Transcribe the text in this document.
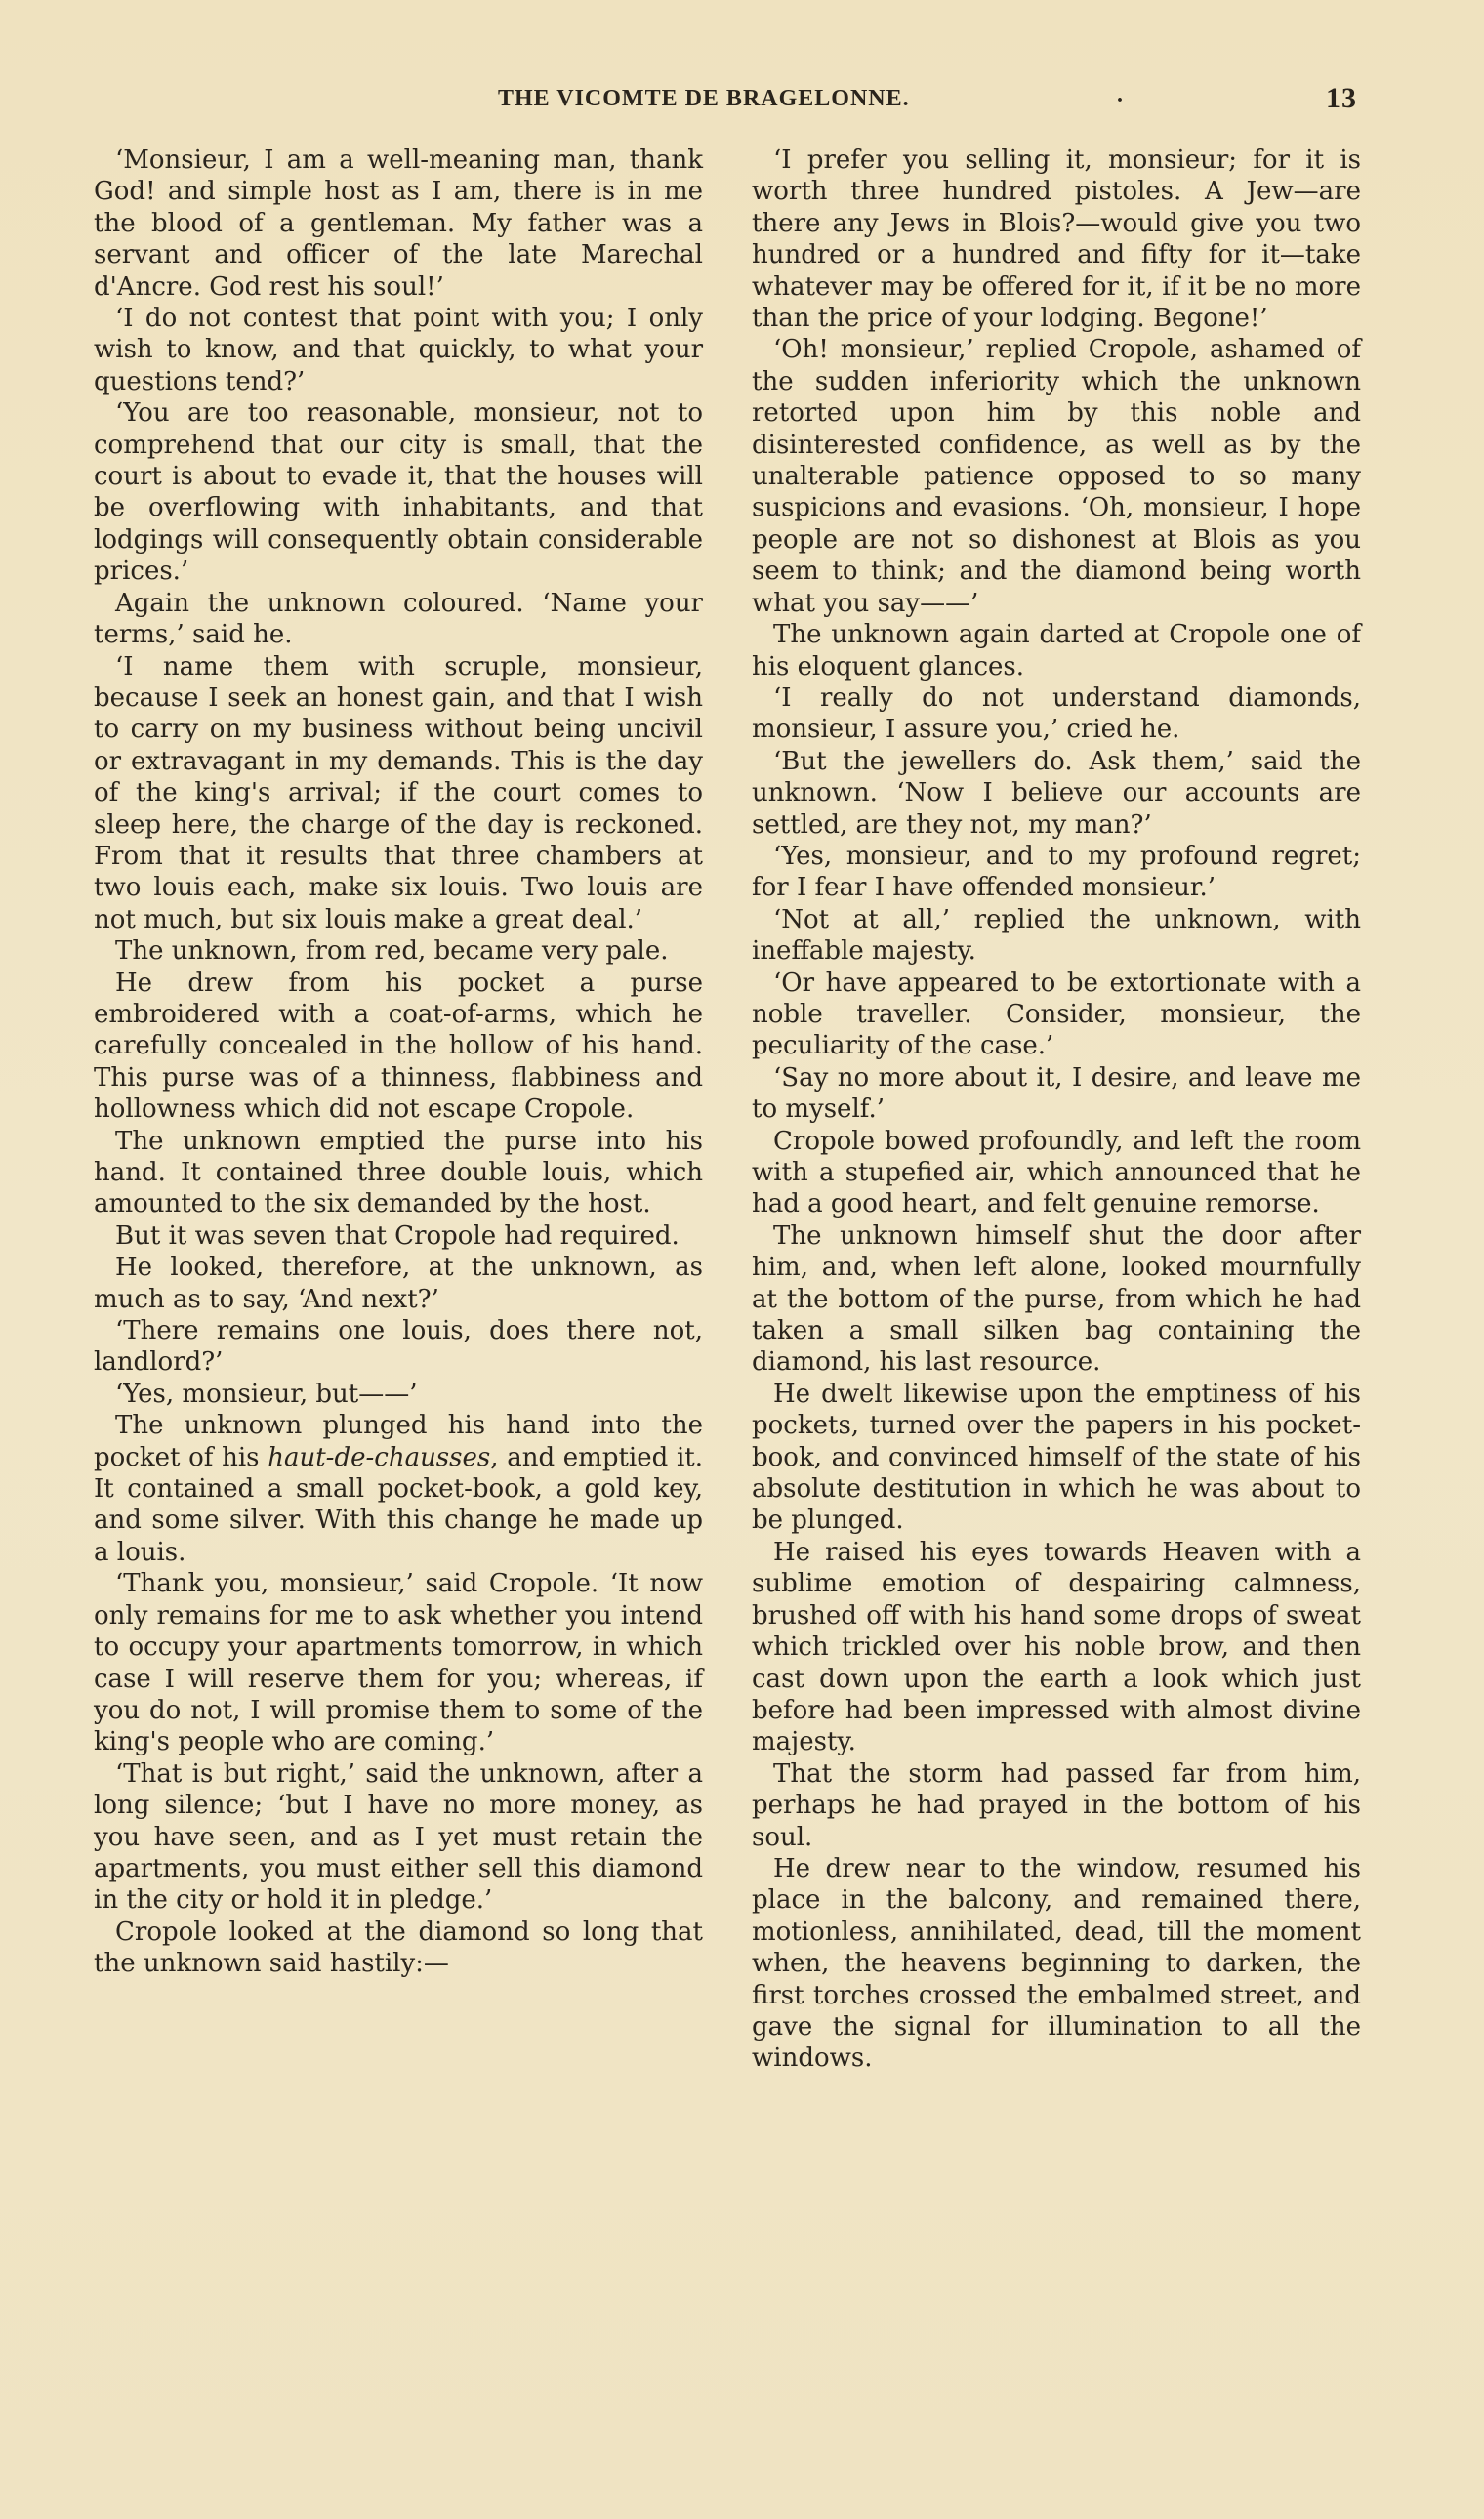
THE VICOMTE DE BRAGELONNE.	.	13

‘Monsieur, I am a well-meaning man, thank God! and simple host as I am, there is in me the blood of a gentleman. My father was a servant and officer of the late Marechal d'Ancre. God rest his soul!’

‘I do not contest that point with you; I only wish to know, and that quickly, to what your questions tend?’

‘You are too reasonable, monsieur, not to comprehend that our city is small, that the court is about to evade it, that the houses will be overflowing with inhabitants, and that lodgings will consequently obtain considerable prices.’

Again the unknown coloured. ‘Name your terms,’ said he.

‘I name them with scruple, monsieur, because I seek an honest gain, and that I wish to carry on my business without being uncivil or extravagant in my demands. This is the day of the king's arrival; if the court comes to sleep here, the charge of the day is reckoned. From that it results that three chambers at two louis each, make six louis. Two louis are not much, but six louis make a great deal.’

The unknown, from red, became very pale.

He drew from his pocket a purse embroidered with a coat-of-arms, which he carefully concealed in the hollow of his hand. This purse was of a thinness, flabbiness and hollowness which did not escape Cropole.

The unknown emptied the purse into his hand. It contained three double louis, which amounted to the six demanded by the host.

But it was seven that Cropole had required.

He looked, therefore, at the unknown, as much as to say, ‘And next?’

‘There remains one louis, does there not, landlord?’

‘Yes, monsieur, but——’

The unknown plunged his hand into the pocket of his haut-de-chausses, and emptied it. It contained a small pocket-book, a gold key, and some silver. With this change he made up a louis.

‘Thank you, monsieur,’ said Cropole. ‘It now only remains for me to ask whether you intend to occupy your apartments tomorrow, in which case I will reserve them for you; whereas, if you do not, I will promise them to some of the king's people who are coming.’

‘That is but right,’ said the unknown, after a long silence; ‘but I have no more money, as you have seen, and as I yet must retain the apartments, you must either sell this diamond in the city or hold it in pledge.’

Cropole looked at the diamond so long that the unknown said hastily:—

‘I prefer you selling it, monsieur; for it is worth three hundred pistoles. A Jew—are there any Jews in Blois?—would give you two hundred or a hundred and fifty for it—take whatever may be offered for it, if it be no more than the price of your lodging. Begone!’

‘Oh! monsieur,’ replied Cropole, ashamed of the sudden inferiority which the unknown retorted upon him by this noble and disinterested confidence, as well as by the unalterable patience opposed to so many suspicions and evasions. ‘Oh, monsieur, I hope people are not so dishonest at Blois as you seem to think; and the diamond being worth what you say——’

The unknown again darted at Cropole one of his eloquent glances.

‘I really do not understand diamonds, monsieur, I assure you,’ cried he.

‘But the jewellers do. Ask them,’ said the unknown. ‘Now I believe our accounts are settled, are they not, my man?’

‘Yes, monsieur, and to my profound regret; for I fear I have offended monsieur.’

‘Not at all,’ replied the unknown, with ineffable majesty.

‘Or have appeared to be extortionate with a noble traveller. Consider, monsieur, the peculiarity of the case.’

‘Say no more about it, I desire, and leave me to myself.’

Cropole bowed profoundly, and left the room with a stupefied air, which announced that he had a good heart, and felt genuine remorse.

The unknown himself shut the door after him, and, when left alone, looked mournfully at the bottom of the purse, from which he had taken a small silken bag containing the diamond, his last resource.

He dwelt likewise upon the emptiness of his pockets, turned over the papers in his pocket-book, and convinced himself of the state of his absolute destitution in which he was about to be plunged.

He raised his eyes towards Heaven with a sublime emotion of despairing calmness, brushed off with his hand some drops of sweat which trickled over his noble brow, and then cast down upon the earth a look which just before had been impressed with almost divine majesty.

That the storm had passed far from him, perhaps he had prayed in the bottom of his soul.

He drew near to the window, resumed his place in the balcony, and remained there, motionless, annihilated, dead, till the moment when, the heavens beginning to darken, the first torches crossed the embalmed street, and gave the signal for illumination to all the windows.
